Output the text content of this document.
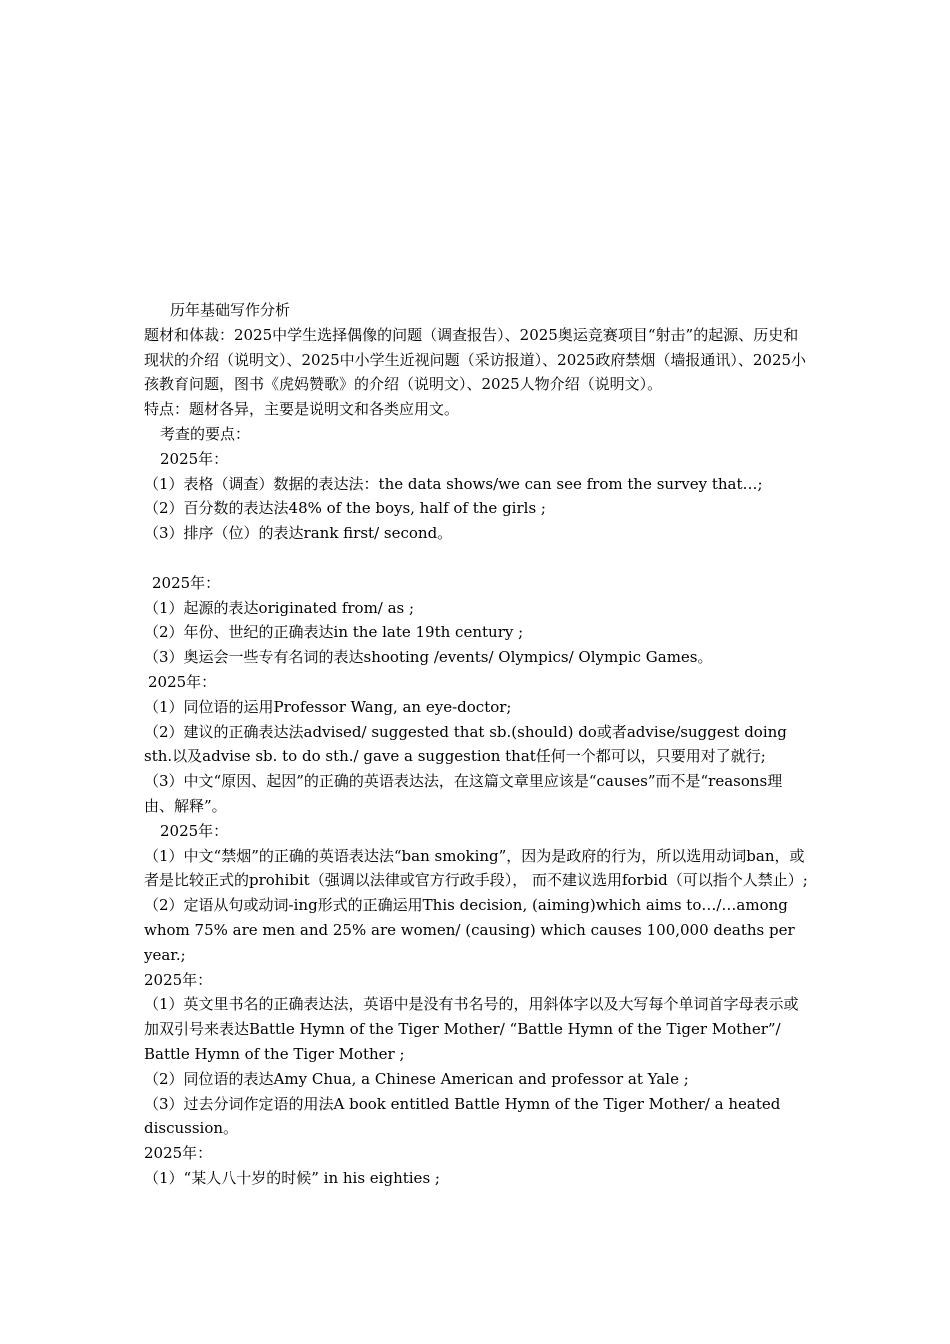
历年基础写作分析

题材和体裁：2025中学生选择偶像的问题（调查报告）、2025奥运竞赛项目“射击”的起源、历史和现状的介绍（说明文）、2025中小学生近视问题（采访报道）、2025政府禁烟（墙报通讯）、2025小孩教育问题，图书《虎妈赞歌》的介绍（说明文）、2025人物介绍（说明文）。

特点：题材各异，主要是说明文和各类应用文。

考查的要点：

2025年：

（1）表格（调查）数据的表达法：the data shows/we can see from the survey that…;

（2）百分数的表达法48% of the boys, half of the girls ;

（3）排序（位）的表达rank first/ second。

2025年：

（1）起源的表达originated from/ as ;

（2）年份、世纪的正确表达in the late 19th century ;

（3）奥运会一些专有名词的表达shooting /events/ Olympics/ Olympic Games。

2025年：

（1）同位语的运用Professor Wang, an eye-doctor;

（2）建议的正确表达法advised/ suggested that sb.(should) do或者advise/suggest doing sth.以及advise sb. to do sth./ gave a suggestion that任何一个都可以，只要用对了就行;

（3）中文“原因、起因”的正确的英语表达法，在这篇文章里应该是“causes”而不是“reasons理由、解释”。

2025年：

（1）中文“禁烟”的正确的英语表达法“ban smoking”，因为是政府的行为，所以选用动词ban，或者是比较正式的prohibit（强调以法律或官方行政手段）， 而不建议选用forbid（可以指个人禁止）;

（2）定语从句或动词-ing形式的正确运用This decision, (aiming)which aims to…/…among whom 75% are men and 25% are women/ (causing) which causes 100,000 deaths per year.;

2025年：

（1）英文里书名的正确表达法，英语中是没有书名号的，用斜体字以及大写每个单词首字母表示或加双引号来表达Battle Hymn of the Tiger Mother/ “Battle Hymn of the Tiger Mother”/ Battle Hymn of the Tiger Mother ;

（2）同位语的表达Amy Chua, a Chinese American and professor at Yale ;

（3）过去分词作定语的用法A book entitled Battle Hymn of the Tiger Mother/ a heated discussion。

2025年：

（1）“某人八十岁的时候” in his eighties ;
